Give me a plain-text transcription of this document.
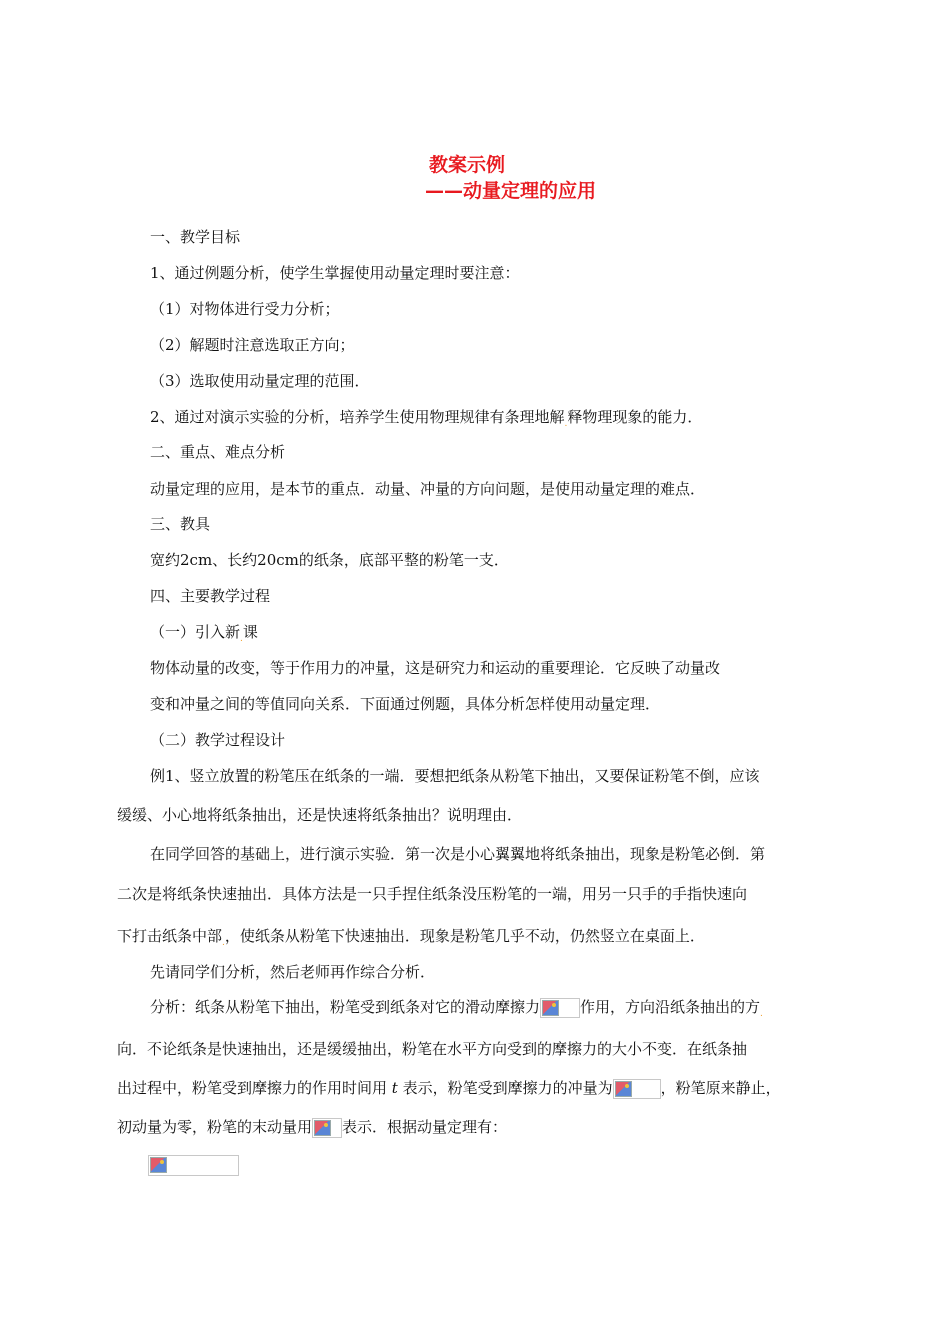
教案示例
——动量定理的应用
一、教学目标
1、通过例题分析，使学生掌握使用动量定理时要注意：
（1）对物体进行受力分析；
（2）解题时注意选取正方向；
（3）选取使用动量定理的范围．
2、通过对演示实验的分析，培养学生使用物理规律有条理地解$_.$释物理现象的能力．
二、重点、难点分析
动量定理的应用，是本节的重点．动量、冲量的方向问题，是使用动量定理的难点．
三、教具
宽约2cm、长约20cm的纸条，底部平整的粉笔一支．
四、主要教学过程
（一）引入新$_.$课
物体动量的改变，等于作用力的冲量，这是研究力和运动的重要理论．它反映了动量改
变和冲量之间的等值同向关系．下面通过例题，具体分析怎样使用动量定理．
（二）教学过程设计
例1、竖立放置的粉笔压在纸条的一端．要想把纸条从粉笔下抽出，又要保证粉笔不倒，应该
缓缓、小心地将纸条抽出，还是快速将纸条抽出？说明理由．
在同学回答的基础上，进行演示实验．第一次是小心翼翼地将纸条抽出，现象是粉笔必倒．第
二次是将纸条快速抽出．具体方法是一只手捏住纸条没压粉笔的一端，用另一只手的手指快速向
下打击纸条中部$_.$，使纸条从粉笔下快速抽出．现象是粉笔几乎不动，仍然竖立在桌面上．
先请同学们分析，然后老师再作综合分析．
分析：纸条从粉笔下抽出，粉笔受到纸条对它的滑动摩擦力	作用，方向沿纸条抽出的方$_.$
向．不论纸条是快速抽出，还是缓缓抽出，粉笔在水平方向受到的摩擦力的大小不变．在纸条抽
出过程中，粉笔受到摩擦力的作用时间用 t 表示，粉笔受到摩擦力的冲量为	，粉笔原来静止，
初动量为零，粉笔的末动量用 表示．根据动量定理有：
